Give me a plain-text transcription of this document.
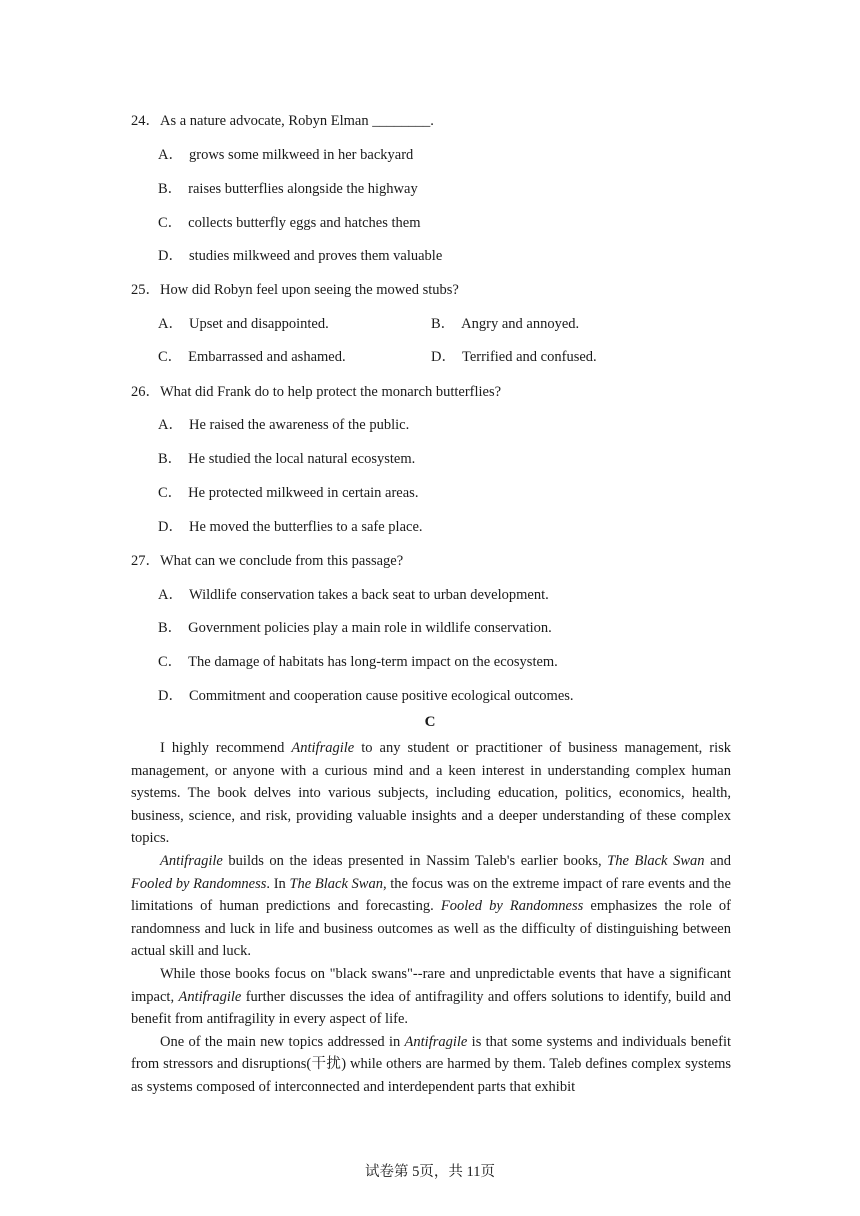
24．As a nature advocate, Robyn Elman ________.
A． grows some milkweed in her backyard
B． raises butterflies alongside the highway
C． collects butterfly eggs and hatches them
D． studies milkweed and proves them valuable
25．How did Robyn feel upon seeing the mowed stubs?
A． Upset and disappointed.	B． Angry and annoyed.
C． Embarrassed and ashamed.	D． Terrified and confused.
26．What did Frank do to help protect the monarch butterflies?
A． He raised the awareness of the public.
B． He studied the local natural ecosystem.
C． He protected milkweed in certain areas.
D． He moved the butterflies to a safe place.
27．What can we conclude from this passage?
A． Wildlife conservation takes a back seat to urban development.
B． Government policies play a main role in wildlife conservation.
C． The damage of habitats has long-term impact on the ecosystem.
D． Commitment and cooperation cause positive ecological outcomes.
C

I highly recommend Antifragile to any student or practitioner of business management, risk management, or anyone with a curious mind and a keen interest in understanding complex human systems. The book delves into various subjects, including education, politics, economics, health, business, science, and risk, providing valuable insights and a deeper understanding of these complex topics.

Antifragile builds on the ideas presented in Nassim Taleb's earlier books, The Black Swan and Fooled by Randomness. In The Black Swan, the focus was on the extreme impact of rare events and the limitations of human predictions and forecasting. Fooled by Randomness emphasizes the role of randomness and luck in life and business outcomes as well as the difficulty of distinguishing between actual skill and luck.

While those books focus on "black swans"--rare and unpredictable events that have a significant impact, Antifragile further discusses the idea of antifragility and offers solutions to identify, build and benefit from antifragility in every aspect of life.

One of the main new topics addressed in Antifragile is that some systems and individuals benefit from stressors and disruptions(干扰) while others are harmed by them. Taleb defines complex systems as systems composed of interconnected and interdependent parts that exhibit

试卷第 5页，共 11页
